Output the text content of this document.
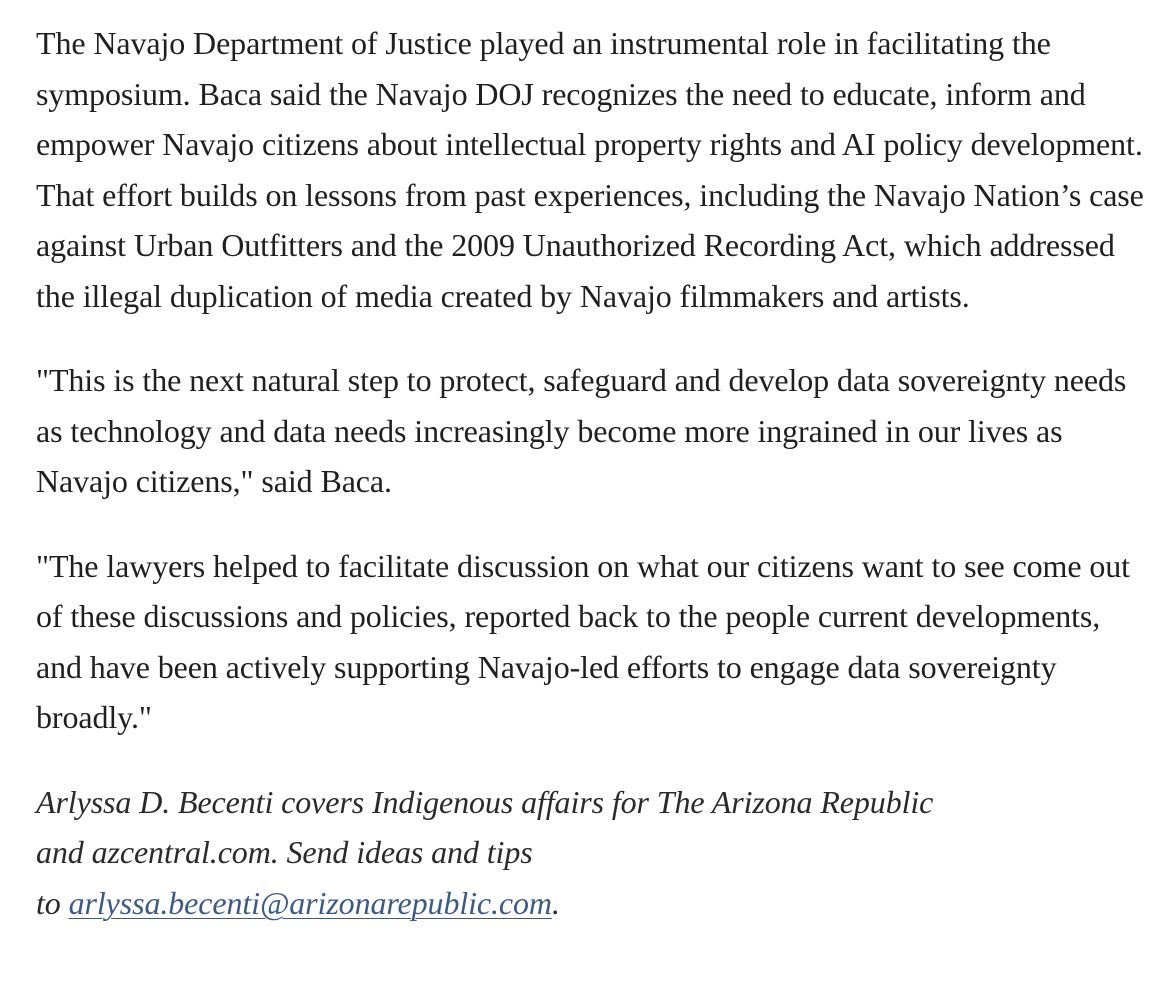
The Navajo Department of Justice played an instrumental role in facilitating the symposium. Baca said the Navajo DOJ recognizes the need to educate, inform and empower Navajo citizens about intellectual property rights and AI policy development. That effort builds on lessons from past experiences, including the Navajo Nation’s case against Urban Outfitters and the 2009 Unauthorized Recording Act, which addressed the illegal duplication of media created by Navajo filmmakers and artists.

"This is the next natural step to protect, safeguard and develop data sovereignty needs as technology and data needs increasingly become more ingrained in our lives as Navajo citizens," said Baca.

"The lawyers helped to facilitate discussion on what our citizens want to see come out of these discussions and policies, reported back to the people current developments, and have been actively supporting Navajo-led efforts to engage data sovereignty broadly."

Arlyssa D. Becenti covers Indigenous affairs for The Arizona Republic
and azcentral.com. Send ideas and tips
to arlyssa.becenti@arizonarepublic.com.
